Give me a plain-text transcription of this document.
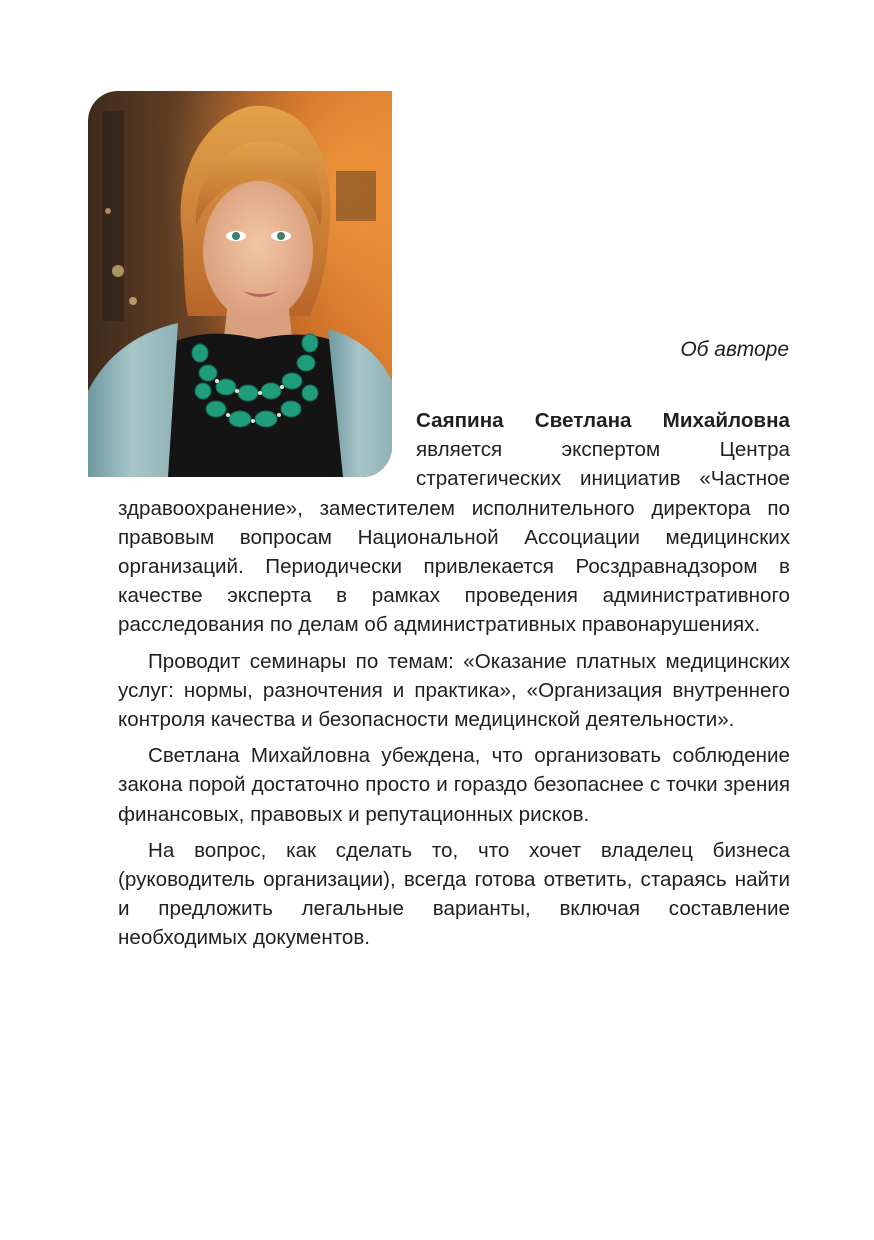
Об авторе

Саяпина Светлана Михайловна является экспертом Центра стратегических инициатив «Частное здравоохранение», заместителем исполнительного директора по правовым вопросам Национальной Ассоциации медицинских организаций. Периодически привлекается Росздравнадзором в качестве эксперта в рамках проведения административного расследования по делам об административных правонарушениях.

Проводит семинары по темам: «Оказание платных медицинских услуг: нормы, разночтения и практика», «Организация внутреннего контроля качества и безопасности медицинской деятельности».

Светлана Михайловна убеждена, что организовать соблюдение закона порой достаточно просто и гораздо безопаснее с точки зрения финансовых, правовых и репутационных рисков.

На вопрос, как сделать то, что хочет владелец бизнеса (руководитель организации), всегда готова ответить, стараясь найти и предложить легальные варианты, включая составление необходимых документов.
